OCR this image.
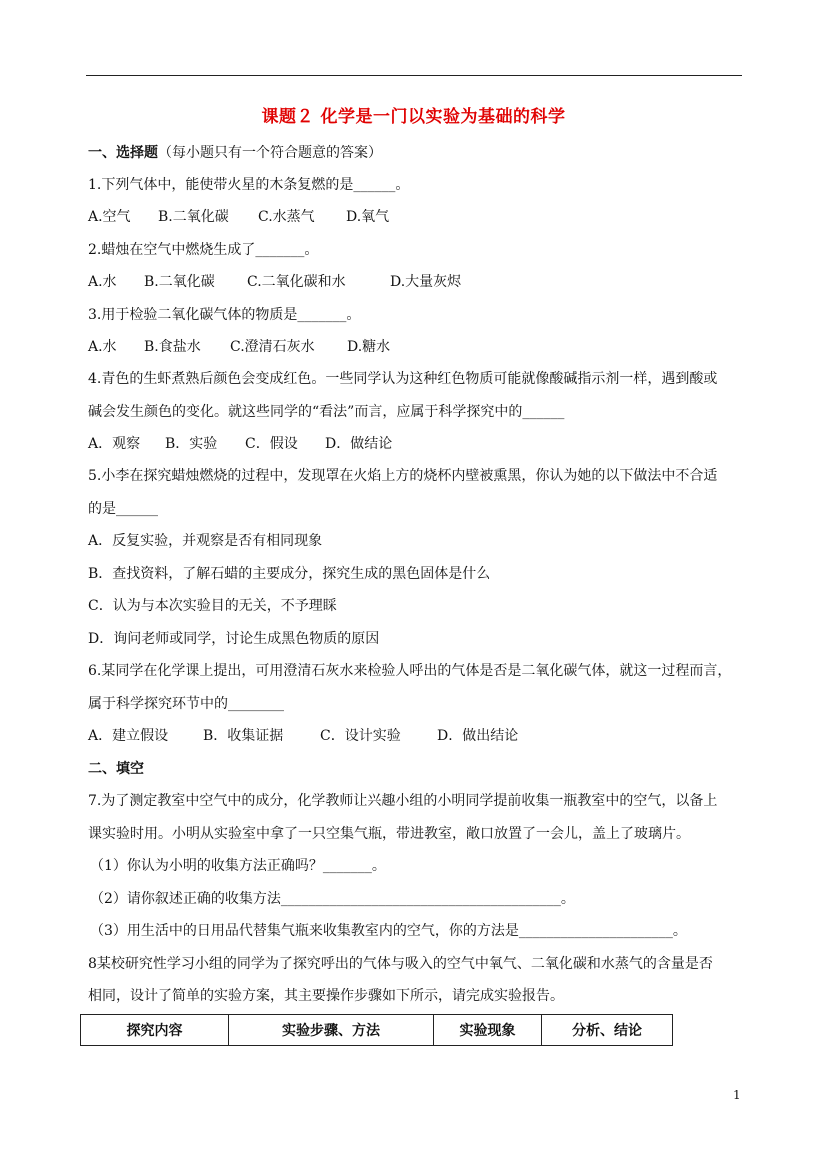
课题２ 化学是一门以实验为基础的科学
一、选择题（每小题只有一个符合题意的答案）
1.下列气体中，能使带火星的木条复燃的是______。
A.空气 B.二氧化碳 C.水蒸气 D.氧气
2.蜡烛在空气中燃烧生成了_______。
A.水 B.二氧化碳 C.二氧化碳和水	D.大量灰烬
3.用于检验二氧化碳气体的物质是_______。
A.水 B.食盐水 C.澄清石灰水 D.糖水
4.青色的生虾煮熟后颜色会变成红色。一些同学认为这种红色物质可能就像酸碱指示剂一样，遇到酸或
碱会发生颜色的变化。就这些同学的“看法”而言，应属于科学探究中的______
A．观察 B．实验 C．假设 D．做结论
5.小李在探究蜡烛燃烧的过程中，发现罩在火焰上方的烧杯内壁被熏黑，你认为她的以下做法中不合适
的是______
A．反复实验，并观察是否有相同现象
B．查找资料，了解石蜡的主要成分，探究生成的黑色固体是什么
C．认为与本次实验目的无关，不予理睬
D．询问老师或同学，讨论生成黑色物质的原因
6.某同学在化学课上提出，可用澄清石灰水来检验人呼出的气体是否是二氧化碳气体，就这一过程而言，
属于科学探究环节中的________
A．建立假设 B．收集证据	C．设计实验	D．做出结论
二、填空
7.为了测定教室中空气中的成分，化学教师让兴趣小组的小明同学提前收集一瓶教室中的空气，以备上
课实验时用。小明从实验室中拿了一只空集气瓶，带进教室，敞口放置了一会儿，盖上了玻璃片。
（1）你认为小明的收集方法正确吗？_______。
（2）请你叙述正确的收集方法________________________________________。
（3）用生活中的日用品代替集气瓶来收集教室内的空气，你的方法是______________________。
8某校研究性学习小组的同学为了探究呼出的气体与吸入的空气中氧气、二氧化碳和水蒸气的含量是否
相同，设计了简单的实验方案，其主要操作步骤如下所示，请完成实验报告。
探究内容	实验步骤、方法	实验现象	分析、结论
1
